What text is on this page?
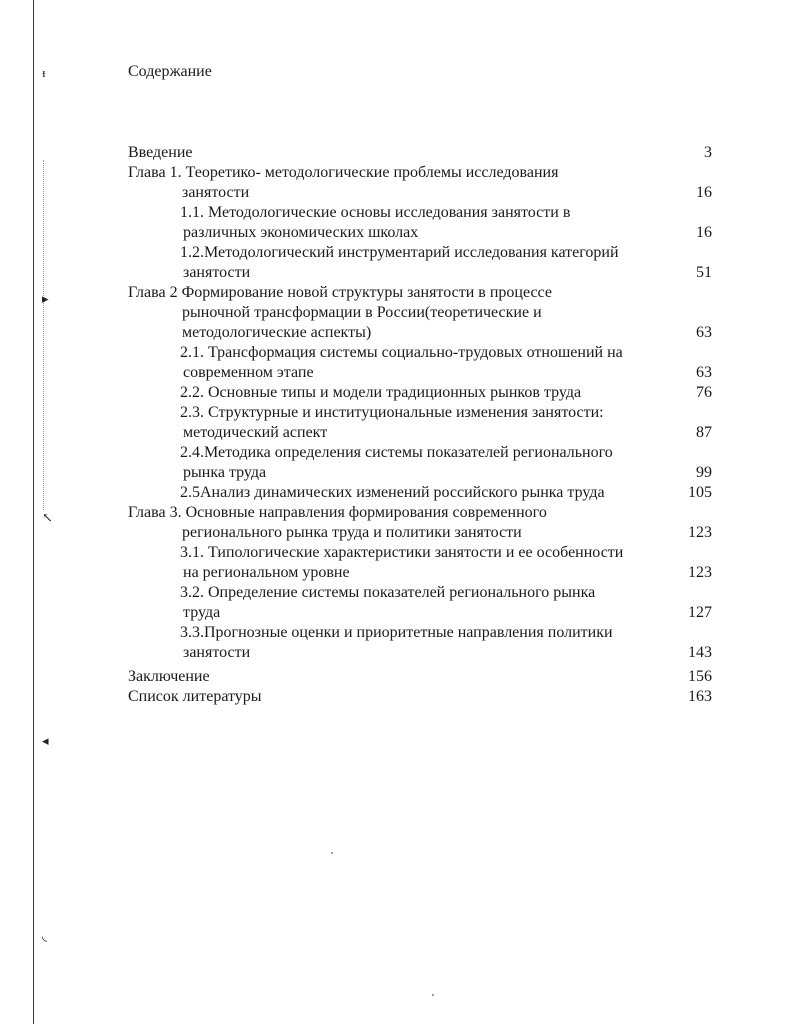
ᵻ
▸
↖
◂
◟
Содержание
Введение	3
Глава 1. Теоретико- методологические проблемы исследования
занятости	16
1.1. Методологические основы исследования занятости в
различных экономических школах	16
1.2.Методологический инструментарий исследования категорий
занятости	51
Глава 2 Формирование новой структуры занятости в процессе
рыночной трансформации в России(теоретические и
методологические аспекты)	63
2.1. Трансформация системы социально-трудовых отношений на
современном этапе	63
2.2. Основные типы и модели традиционных рынков труда	76
2.3. Структурные и институциональные изменения занятости:
методический аспект	87
2.4.Методика определения системы показателей регионального
рынка труда	99
2.5Анализ динамических изменений российского рынка труда	105
Глава 3. Основные направления формирования современного
регионального рынка труда и политики занятости	123
3.1. Типологические характеристики занятости и ее особенности
на региональном уровне	123
3.2. Определение системы показателей регионального рынка
труда	127
3.3.Прогнозные оценки и приоритетные направления политики
занятости	143
Заключение	156
Список литературы	163
